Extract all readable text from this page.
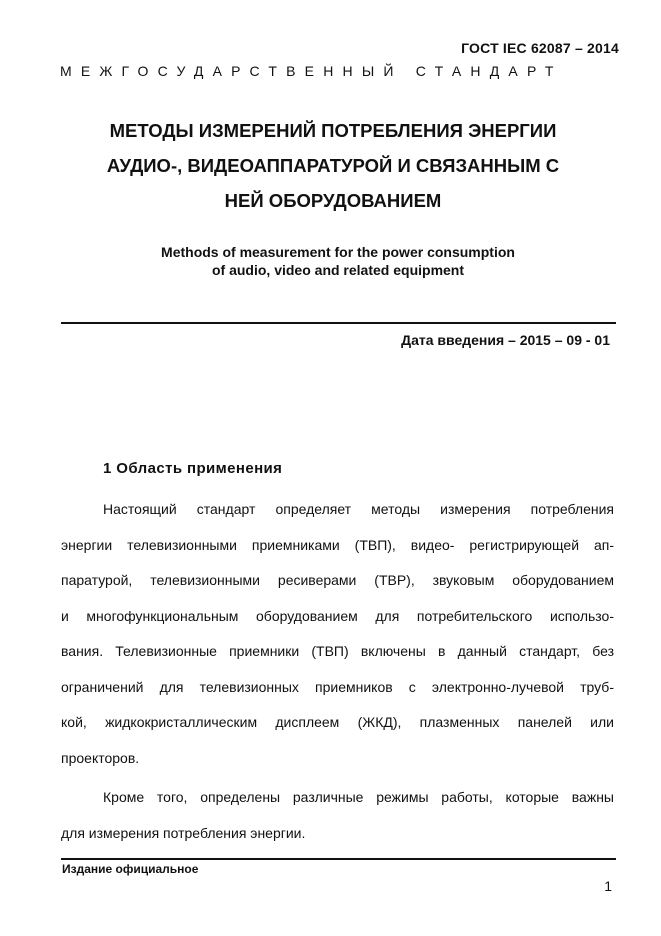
ГОСТ IEC 62087 – 2014
МЕЖГОСУДАРСТВЕННЫЙ СТАНДАРТ
МЕТОДЫ ИЗМЕРЕНИЙ ПОТРЕБЛЕНИЯ ЭНЕРГИИ
АУДИО-, ВИДЕОАППАРАТУРОЙ И СВЯЗАННЫМ С
НЕЙ ОБОРУДОВАНИЕМ
Methods of measurement for the power consumption
of audio, video and related equipment
Дата введения – 2015 – 09 - 01
1 Область применения
Настоящий стандарт определяет методы измерения потребления
энергии телевизионными приемниками (ТВП), видео- регистрирующей ап-
паратурой, телевизионными ресиверами (ТВР), звуковым оборудованием
и многофункциональным оборудованием для потребительского использо-
вания. Телевизионные приемники (ТВП) включены в данный стандарт, без
ограничений для телевизионных приемников с электронно-лучевой труб-
кой, жидкокристаллическим дисплеем (ЖКД), плазменных панелей или
проекторов.
Кроме того, определены различные режимы работы, которые важны
для измерения потребления энергии.
Издание официальное
1
